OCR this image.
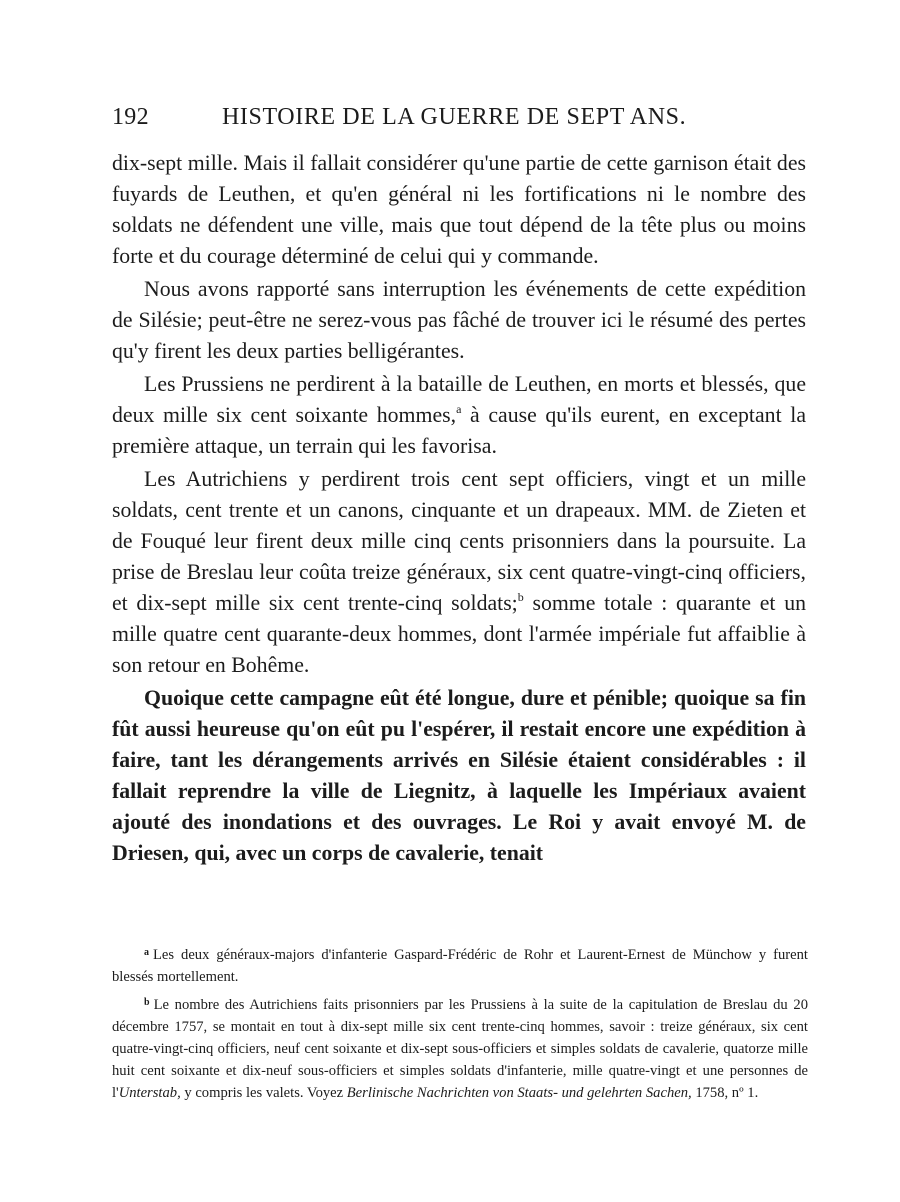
192	HISTOIRE DE LA GUERRE DE SEPT ANS.

dix-sept mille. Mais il fallait considérer qu'une partie de cette garnison était des fuyards de Leuthen, et qu'en général ni les fortifications ni le nombre des soldats ne défendent une ville, mais que tout dépend de la tête plus ou moins forte et du courage déterminé de celui qui y commande.

Nous avons rapporté sans interruption les événements de cette expédition de Silésie; peut-être ne serez-vous pas fâché de trouver ici le résumé des pertes qu'y firent les deux parties belligérantes.

Les Prussiens ne perdirent à la bataille de Leuthen, en morts et blessés, que deux mille six cent soixante hommes,$^a$ à cause qu'ils eurent, en exceptant la première attaque, un terrain qui les favorisa.

Les Autrichiens y perdirent trois cent sept officiers, vingt et un mille soldats, cent trente et un canons, cinquante et un drapeaux. MM. de Zieten et de Fouqué leur firent deux mille cinq cents prisonniers dans la poursuite. La prise de Breslau leur coûta treize généraux, six cent quatre-vingt-cinq officiers, et dix-sept mille six cent trente-cinq soldats;$^b$ somme totale : quarante et un mille quatre cent quarante-deux hommes, dont l'armée impériale fut affaiblie à son retour en Bohême.

Quoique cette campagne eût été longue, dure et pénible; quoique sa fin fût aussi heureuse qu'on eût pu l'espérer, il restait encore une expédition à faire, tant les dérangements arrivés en Silésie étaient considérables : il fallait reprendre la ville de Liegnitz, à laquelle les Impériaux avaient ajouté des inondations et des ouvrages. Le Roi y avait envoyé M. de Driesen, qui, avec un corps de cavalerie, tenait

$^a$ Les deux généraux-majors d'infanterie Gaspard-Frédéric de Rohr et Laurent-Ernest de Münchow y furent blessés mortellement.

$^b$ Le nombre des Autrichiens faits prisonniers par les Prussiens à la suite de la capitulation de Breslau du 20 décembre 1757, se montait en tout à dix-sept mille six cent trente-cinq hommes, savoir : treize généraux, six cent quatre-vingt-cinq officiers, neuf cent soixante et dix-sept sous-officiers et simples soldats de cavalerie, quatorze mille huit cent soixante et dix-neuf sous-officiers et simples soldats d'infanterie, mille quatre-vingt et une personnes de l'Unterstab, y compris les valets. Voyez Berlinische Nachrichten von Staats- und gelehrten Sachen, 1758, nº 1.
